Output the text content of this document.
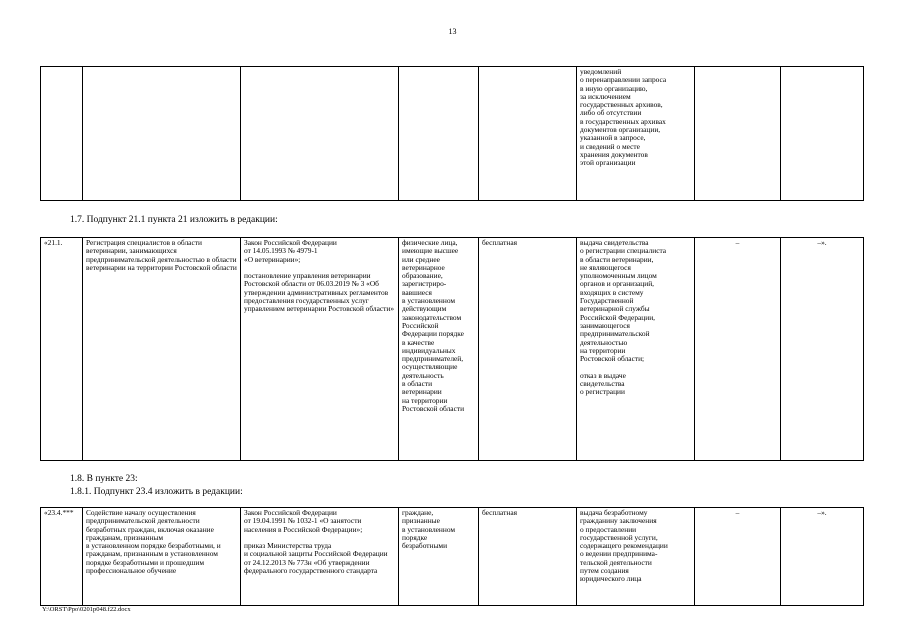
13
					уведомлений
о перенаправлении запроса
в иную организацию,
за исключением
государственных архивов,
либо об отсутствии
в государственных архивах
документов организации,
указанной в запросе,
и сведений о месте
хранения документов
этой организации		
1.7. Подпункт 21.1 пункта 21 изложить в редакции:
«21.1.	Регистрация специалистов в области ветеринарии, занимающихся предпринимательской деятельностью в области ветеринарии на территории Ростовской области	Закон Российской Федерации
от 14.05.1993 № 4979-1
«О ветеринарии»;

постановление управления ветеринарии Ростовской области от 06.03.2019 № 3 «Об утверждении административных регламентов предоставления государственных услуг управлением ветеринарии Ростовской области»	физические лица,
имеющие высшее
или среднее
ветеринарное
образование,
зарегистриро-
вавшиеся
в установленном
действующим
законодательством
Российской
Федерации порядке
в качестве
индивидуальных
предпринимателей,
осуществляющие
деятельность
в области
ветеринарии
на территории
Ростовской области	бесплатная	выдача свидетельства
о регистрации специалиста
в области ветеринарии,
не являющегося
уполномоченным лицом
органов и организаций,
входящих в систему
Государственной
ветеринарной службы
Российской Федерации,
занимающегося
предпринимательской
деятельностью
на территории
Ростовской области;

отказ в выдаче
свидетельства
о регистрации	–	–».
1.8. В пункте 23:
1.8.1. Подпункт 23.4 изложить в редакции:
«23.4.***	Содействие началу осуществления предпринимательской деятельности безработных граждан, включая оказание гражданам, признанным
в установленном порядке безработными, и гражданам, признанным в установленном порядке безработными и прошедшим профессиональное обучение	Закон Российской Федерации
от 19.04.1991 № 1032-1 «О занятости населения в Российской Федерации»;

приказ Министерства труда
и социальной защиты Российской Федерации от 24.12.2013 № 773н «Об утверждении федерального государственного стандарта	граждане,
признанные
в установленном
порядке
безработными	бесплатная	выдача безработному
гражданину заключения
о предоставлении
государственной услуги,
содержащего рекомендации
о ведении предпринима-
тельской деятельности
путем создания
юридического лица	–	–».
Y:\ORST\Ppo\0201p048.f22.docx
